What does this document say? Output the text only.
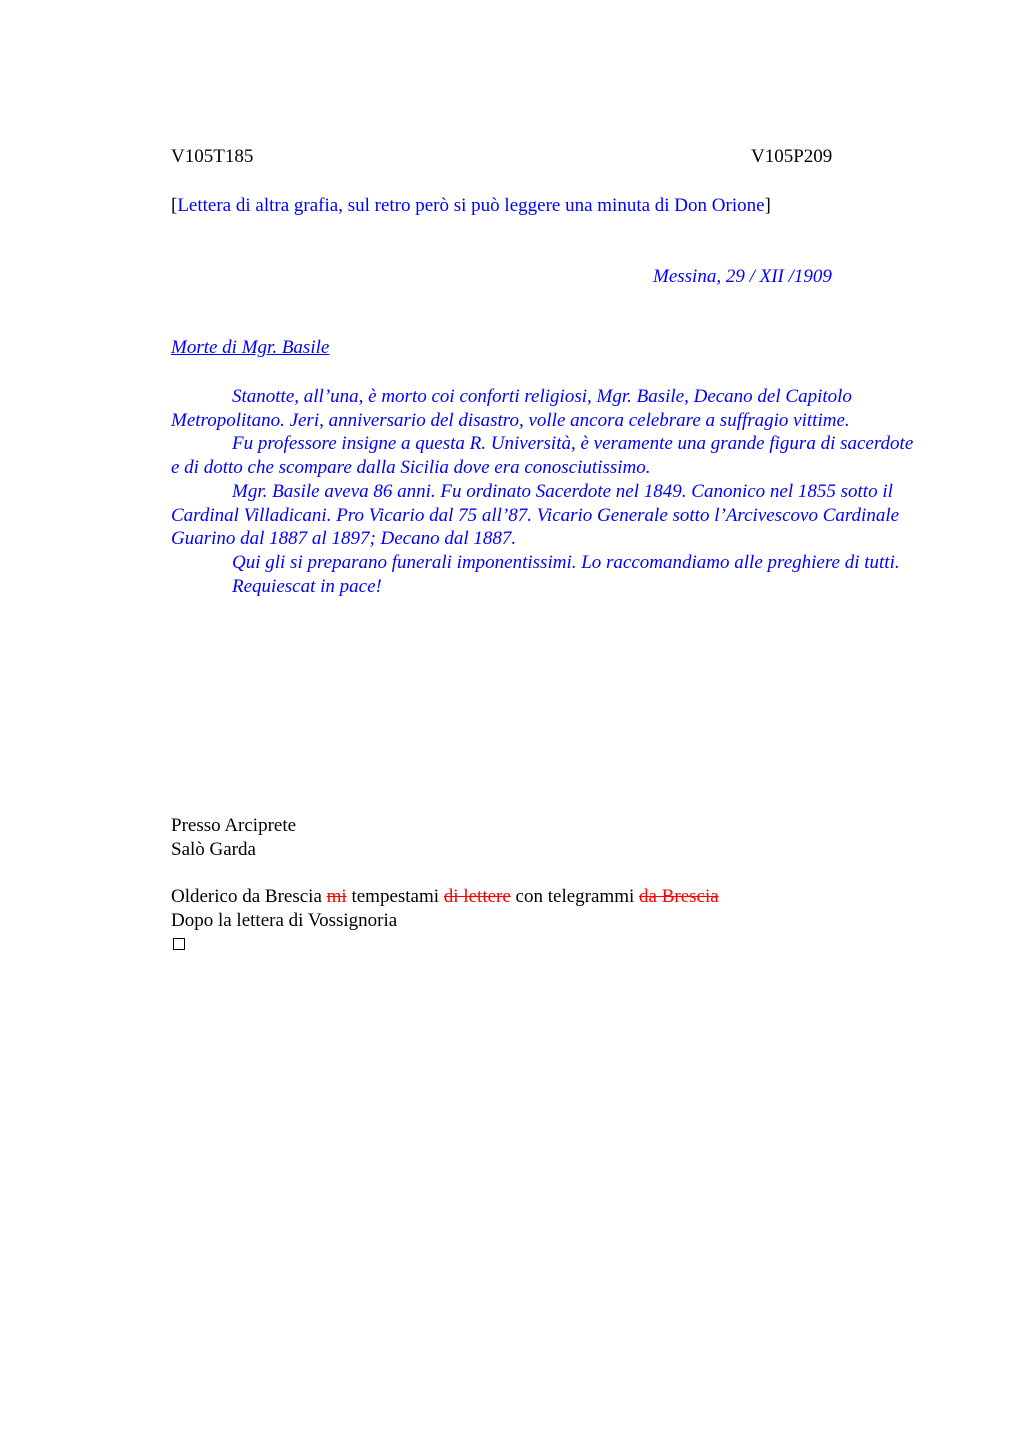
V105T185	V105P209
[Lettera di altra grafia, sul retro però si può leggere una minuta di Don Orione]
Messina, 29 / XII /1909
Morte di Mgr. Basile

Stanotte, all’una, è morto coi conforti religiosi, Mgr. Basile, Decano del Capitolo Metropolitano. Jeri, anniversario del disastro, volle ancora celebrare a suffragio vittime.

Fu professore insigne a questa R. Università, è veramente una grande figura di sacerdote e di dotto che scompare dalla Sicilia dove era conosciutissimo.

Mgr. Basile aveva 86 anni. Fu ordinato Sacerdote nel 1849. Canonico nel 1855 sotto il Cardinal Villadicani. Pro Vicario dal 75 all’87. Vicario Generale sotto l’Arcivescovo Cardinale Guarino dal 1887 al 1897; Decano dal 1887.

Qui gli si preparano funerali imponentissimi. Lo raccomandiamo alle preghiere di tutti.

Requiescat in pace!

Presso Arciprete
Salò Garda
Olderico da Brescia mi tempestami di lettere con telegrammi da Brescia
Dopo la lettera di Vossignoria
